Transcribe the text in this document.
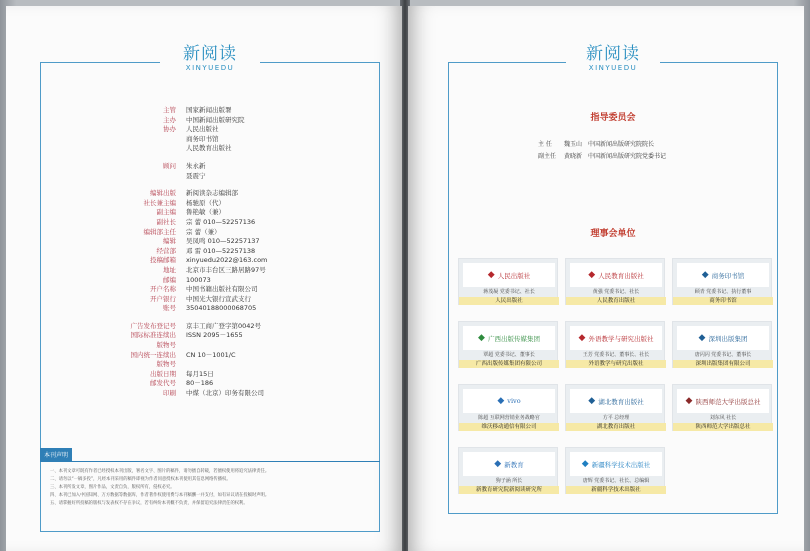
新阅读
XINYUEDU
主管	国家新闻出版署
主办	中国新闻出版研究院
协办	人民出版社
商务印书馆
人民教育出版社
顾问	朱永新
聂震宁
编辑出版	新阅读杂志编辑部
社长兼主编	杨驰原（代）
副主编	鲁艳敏（兼）
副社长	宗 蕾 010—52257136
编辑部主任	宗 蕾（兼）
编辑	吴凤鸣 010—52257137
经营部	邓 雷 010—52257138
投稿邮箱	xinyuedu2022@163.com
地址	北京市丰台区三路居路97号
邮编	100073
开户名称	中国书籍出版社有限公司
开户银行	中国光大银行宣武支行
账号	35040188000068705
广告发布登记号	京丰工商广登字第0042号
国际标准连续出版物号
ISSN 2095－1655
国内统一连续出版物号
CN 10－1001/C
出版日期	每月15日
邮发代号	80－186
印刷	中煤（北京）印务有限公司
本刊声明
一、本刊文章可既有作者已经授权本刊出版，署名文字、图片的稿件，请勿擅自转载，若擅权使用将追究法律责任。
二、请勿以“一稿多投”，凡经本刊采用的稿件即视为作者同意授权本刊使用其信息网络传播权。
三、本刊所发文章，图片作品，文责自负，版权所有，侵权必究。
四、本刊已加入中国知网、万方数据等数据库，作者著作权使用费与本刊稿酬一并支付，如有异议请在投稿时声明。
五、请掌握好所投稿的版权与发表权不存在争议，若有纠纷本刊概不负责，并保留追究法律责任的权利。
新阅读
XINYUEDU
指导委员会
主 任	魏玉山 中国新闻出版研究院院长
副主任	黄晓新 中国新闻出版研究院党委书记
理事会单位
◆ 人民出版社
蒋茂凝 党委书记、社长
人民出版社
◆ 人民教育出版社
黄强 党委书记、社长
人民教育出版社
◆ 商务印书馆
顾青 党委书记、执行董事
商务印书馆
◆ 广西出版传媒集团
覃超 党委书记、董事长
广西出版传媒集团有限公司
◆ 外语教学与研究出版社
王芳 党委书记、董事长、社长
外语教学与研究出版社
◆ 深圳出版集团
唐闪闪 党委书记、董事长
深圳出版集团有限公司
◆ vivo
陈超 互联网营销业务战略官
维沃移动通信有限公司
◆ 湖北教育出版社
方平 总经理
湖北教育出版社
◆ 陕西师范大学出版总社
刘东风 社长
陕西师范大学出版总社
◆ 新教育
狗子涵 所长
新教育研究院新阅读研究所
◆ 新疆科学技术出版社
唐辉 党委书记、社长、总编辑
新疆科学技术出版社
